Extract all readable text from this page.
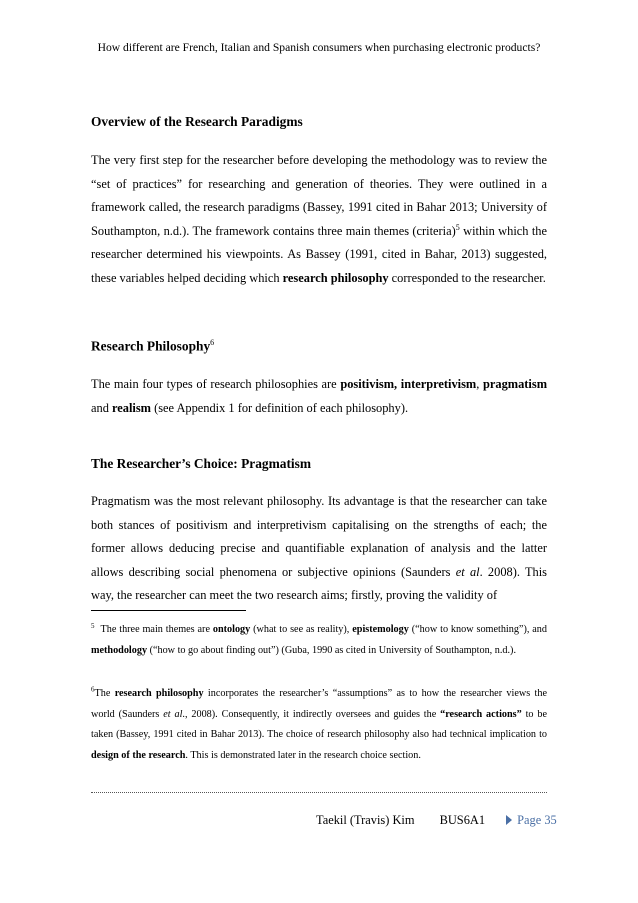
How different are French, Italian and Spanish consumers when purchasing electronic products?
Overview of the Research Paradigms
The very first step for the researcher before developing the methodology was to review the “set of practices” for researching and generation of theories. They were outlined in a framework called, the research paradigms (Bassey, 1991 cited in Bahar 2013; University of Southampton, n.d.). The framework contains three main themes (criteria)$^5$ within which the researcher determined his viewpoints. As Bassey (1991, cited in Bahar, 2013) suggested, these variables helped deciding which research philosophy corresponded to the researcher.
Research Philosophy$^6$
The main four types of research philosophies are positivism, interpretivism, pragmatism and realism (see Appendix 1 for definition of each philosophy).
The Researcher’s Choice: Pragmatism
Pragmatism was the most relevant philosophy. Its advantage is that the researcher can take both stances of positivism and interpretivism capitalising on the strengths of each; the former allows deducing precise and quantifiable explanation of analysis and the latter allows describing social phenomena or subjective opinions (Saunders et al. 2008). This way, the researcher can meet the two research aims; firstly, proving the validity of
$^5$ The three main themes are ontology (what to see as reality), epistemology (“how to know something”), and methodology (“how to go about finding out”) (Guba, 1990 as cited in University of Southampton, n.d.).
$^6$The research philosophy incorporates the researcher’s “assumptions” as to how the researcher views the world (Saunders et al., 2008). Consequently, it indirectly oversees and guides the “research actions” to be taken (Bassey, 1991 cited in Bahar 2013). The choice of research philosophy also had technical implication to design of the research. This is demonstrated later in the research choice section.
Taekil (Travis) Kim BUS6A1	Page 35
